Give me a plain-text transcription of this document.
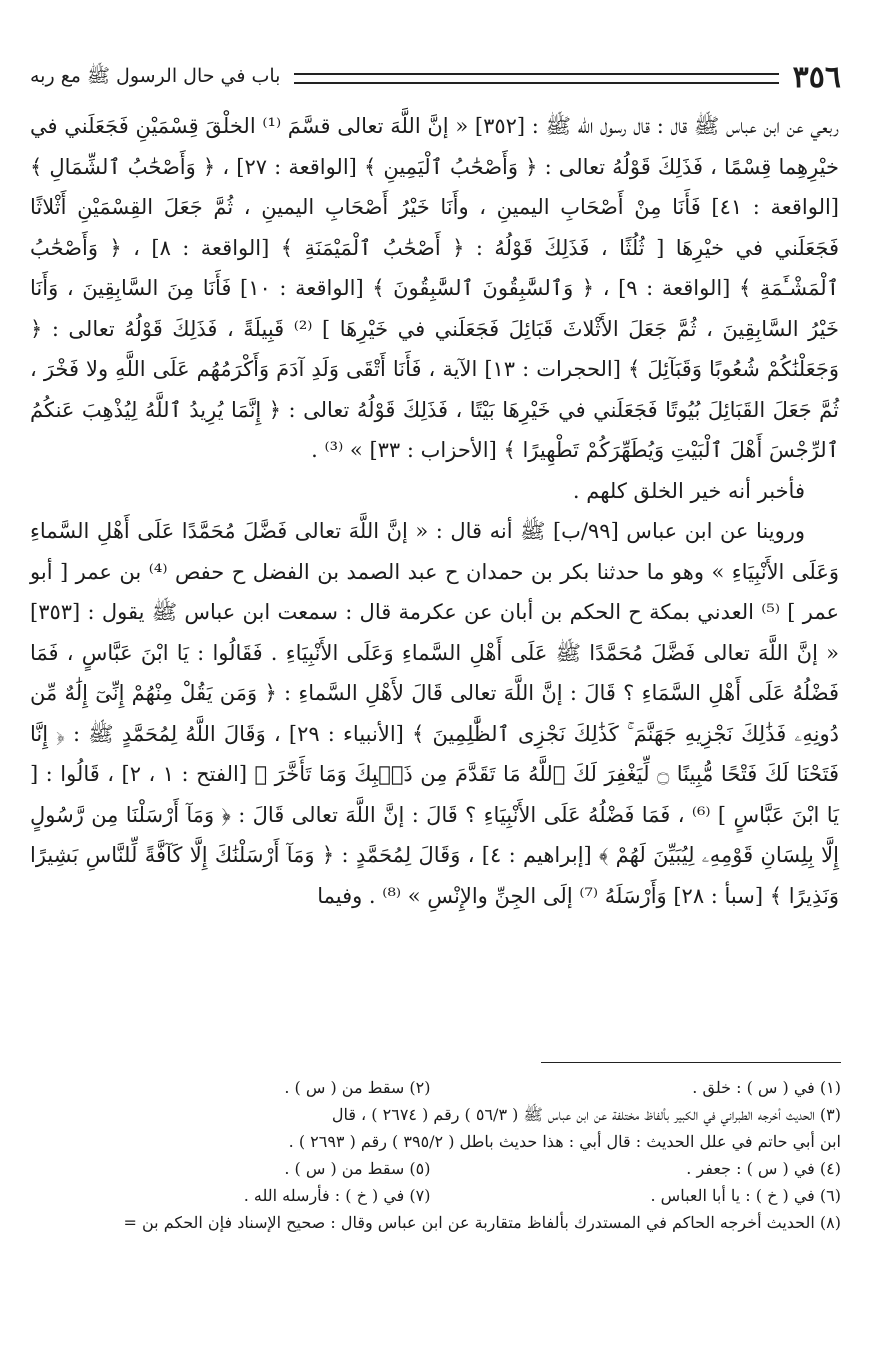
٣٥٦
باب في حال الرسول ﷺ مع ربه

ربعي عن ابن عباس ﷺ قال : قال رسول الله ﷺ : [٣٥٢] « إنَّ اللَّهَ تعالى قسَّمَ ⁽¹⁾ الخلْقَ قِسْمَيْنِ فَجَعَلَني في خيْرِهِما قِسْمًا ، فَذَلِكَ قَوْلُهُ تعالى : ﴿ وَأَصْحَٰبُ ٱلْيَمِينِ ﴾ [الواقعة : ٢٧] ، ﴿ وَأَصْحَٰبُ ٱلشِّمَالِ ﴾ [الواقعة : ٤١] فَأَنَا مِنْ أَصْحَابِ اليمينِ ، وأَنَا خَيْرُ أَصْحَابِ اليمينِ ، ثُمَّ جَعَلَ القِسْمَيْنِ أَثْلاثًا فَجَعَلَني في خيْرِهَا [ ثُلُثًا ، فَذَلِكَ قَوْلُهُ : ﴿ أَصْحَٰبُ ٱلْمَيْمَنَةِ ﴾ [الواقعة : ٨] ، ﴿ وَأَصْحَٰبُ ٱلْمَشْـَٔمَةِ ﴾ [الواقعة : ٩] ، ﴿ وَٱلسَّٰبِقُونَ ٱلسَّٰبِقُونَ ﴾ [الواقعة : ١٠] فَأَنَا مِنَ السَّابِقِينَ ، وَأَنَا خَيْرُ السَّابِقِينَ ، ثُمَّ جَعَلَ الأَثْلاثَ قَبَائِلَ فَجَعَلَني في خَيْرِهَا ] ⁽²⁾ قَبِيلَةً ، فَذَلِكَ قَوْلُهُ تعالى : ﴿ وَجَعَلْنَٰكُمْ شُعُوبًا وَقَبَآئِلَ ﴾ [الحجرات : ١٣] الآية ، فَأَنَا أَتْقَى وَلَدِ آدَمَ وَأَكْرَمُهُم عَلَى اللَّهِ ولا فَخْرَ ، ثُمَّ جَعَلَ القَبَائِلَ بُيُوتًا فَجَعَلَني في خَيْرِهَا بَيْتًا ، فَذَلِكَ قَوْلُهُ تعالى : ﴿ إِنَّمَا يُرِيدُ ٱللَّهُ لِيُذْهِبَ عَنكُمُ ٱلرِّجْسَ أَهْلَ ٱلْبَيْتِ وَيُطَهِّرَكُمْ تَطْهِيرًا ﴾ [الأحزاب : ٣٣] » ⁽³⁾ .

فأخبر أنه خير الخلق كلهم .

وروينا عن ابن عباس [٩٩/ب] ﷺ أنه قال : « إنَّ اللَّهَ تعالى فَضَّلَ مُحَمَّدًا عَلَى أَهْلِ السَّماءِ وَعَلَى الأَنْبِيَاءِ » وهو ما حدثنا بكر بن حمدان ح عبد الصمد بن الفضل ح حفص ⁽⁴⁾ بن عمر [ أبو عمر ] ⁽⁵⁾ العدني بمكة ح الحكم بن أبان عن عكرمة قال : سمعت ابن عباس ﷺ يقول : [٣٥٣] « إنَّ اللَّهَ تعالى فَضَّلَ مُحَمَّدًا ﷺ عَلَى أَهْلِ السَّماءِ وَعَلَى الأَنْبِيَاءِ . فَقَالُوا : يَا ابْنَ عَبَّاسٍ ، فَمَا فَضْلُهُ عَلَى أَهْلِ السَّمَاءِ ؟ قَالَ : إنَّ اللَّهَ تعالى قَالَ لأَهْلِ السَّماءِ : ﴿ وَمَن يَقُلْ مِنْهُمْ إِنِّىٓ إِلَٰهٌ مِّن دُونِهِۦ فَذَٰلِكَ نَجْزِيهِ جَهَنَّمَ ۚ كَذَٰلِكَ نَجْزِى ٱلظَّٰلِمِينَ ﴾ [الأنبياء : ٢٩] ، وَقَالَ اللَّهُ لِمُحَمَّدٍ ﷺ : ﴿ إِنَّا فَتَحْنَا لَكَ فَتْحًا مُّبِينًا ۝ لِّيَغْفِرَ لَكَ ٱللَّهُ مَا تَقَدَّمَ مِن ذَنۢبِكَ وَمَا تَأَخَّرَ ﴾ [الفتح : ١ ، ٢] ، قَالُوا : [ يَا ابْنَ عَبَّاسٍ ] ⁽⁶⁾ ، فَمَا فَضْلُهُ عَلَى الأَنْبِيَاءِ ؟ قَالَ : إنَّ اللَّهَ تعالى قَالَ : ﴿ وَمَآ أَرْسَلْنَا مِن رَّسُولٍ إِلَّا بِلِسَانِ قَوْمِهِۦ لِيُبَيِّنَ لَهُمْ ﴾ [إبراهيم : ٤] ، وَقَالَ لِمُحَمَّدٍ : ﴿ وَمَآ أَرْسَلْنَٰكَ إِلَّا كَآفَّةً لِّلنَّاسِ بَشِيرًا وَنَذِيرًا ﴾ [سبأ : ٢٨] وَأَرْسَلَهُ ⁽⁷⁾ إلَى الجِنِّ والإِنْسِ » ⁽⁸⁾ . وفيما

(١) في ( س ) : خلق .
(٢) سقط من ( س ) .
(٣) الحديث أخرجه الطبراني في الكبير بألفاظ مختلفة عن ابن عباس ﷺ ( ٥٦/٣ ) رقم ( ٢٦٧٤ ) ، قال
ابن أبي حاتم في علل الحديث : قال أبي : هذا حديث باطل ( ٣٩٥/٢ ) رقم ( ٢٦٩٣ ) .
(٤) في ( س ) : جعفر .
(٥) سقط من ( س ) .
(٦) في ( خ ) : يا أبا العباس .
(٧) في ( خ ) : فأرسله الله .
(٨) الحديث أخرجه الحاكم في المستدرك بألفاظ متقاربة عن ابن عباس وقال : صحيح الإسناد فإن الحكم بن =
